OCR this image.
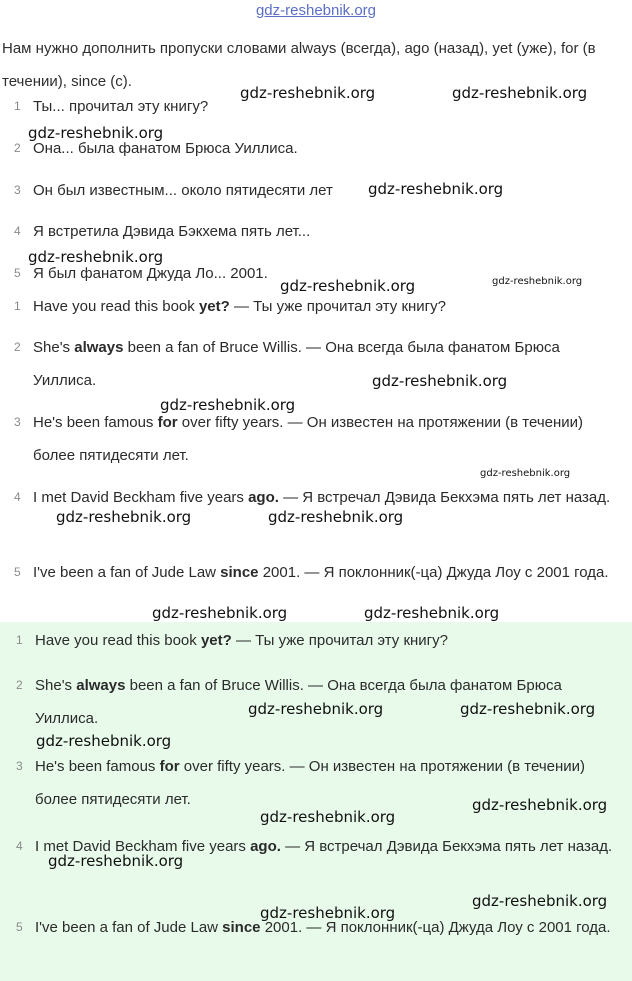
gdz-reshebnik.org
Нам нужно дополнить пропуски словами always (всегда), ago (назад), yet (уже), for (в течении), since (с).
1 Ты... прочитал эту книгу?
2 Она... была фанатом Брюса Уиллиса.
3 Он был известным... около пятидесяти лет
4 Я встретила Дэвида Бэкхема пять лет...
5 Я был фанатом Джуда Ло... 2001.
1 Have you read this book yet? — Ты уже прочитал эту книгу?
2 She's always been a fan of Bruce Willis. — Она всегда была фанатом Брюса Уиллиса.
3 He's been famous for over fifty years. — Он известен на протяжении (в течении) более пятидесяти лет.
4 I met David Beckham five years ago. — Я встречал Дэвида Бекхэма пять лет назад.
5 I've been a fan of Jude Law since 2001. — Я поклонник(-ца) Джуда Лоу с 2001 года.
1 Have you read this book yet? — Ты уже прочитал эту книгу?
2 She's always been a fan of Bruce Willis. — Она всегда была фанатом Брюса Уиллиса.
3 He's been famous for over fifty years. — Он известен на протяжении (в течении) более пятидесяти лет.
4 I met David Beckham five years ago. — Я встречал Дэвида Бекхэма пять лет назад.
5 I've been a fan of Jude Law since 2001. — Я поклонник(-ца) Джуда Лоу с 2001 года.
gdz-reshebnik.org	gdz-reshebnik.org
gdz-reshebnik.org
gdz-reshebnik.org
gdz-reshebnik.org
gdz-reshebnik.org	gdz-reshebnik.org
gdz-reshebnik.org
gdz-reshebnik.org
gdz-reshebnik.org
gdz-reshebnik.org	gdz-reshebnik.org
gdz-reshebnik.org	gdz-reshebnik.org
gdz-reshebnik.org	gdz-reshebnik.org
gdz-reshebnik.org
gdz-reshebnik.org
gdz-reshebnik.org
gdz-reshebnik.org
gdz-reshebnik.org
gdz-reshebnik.org
